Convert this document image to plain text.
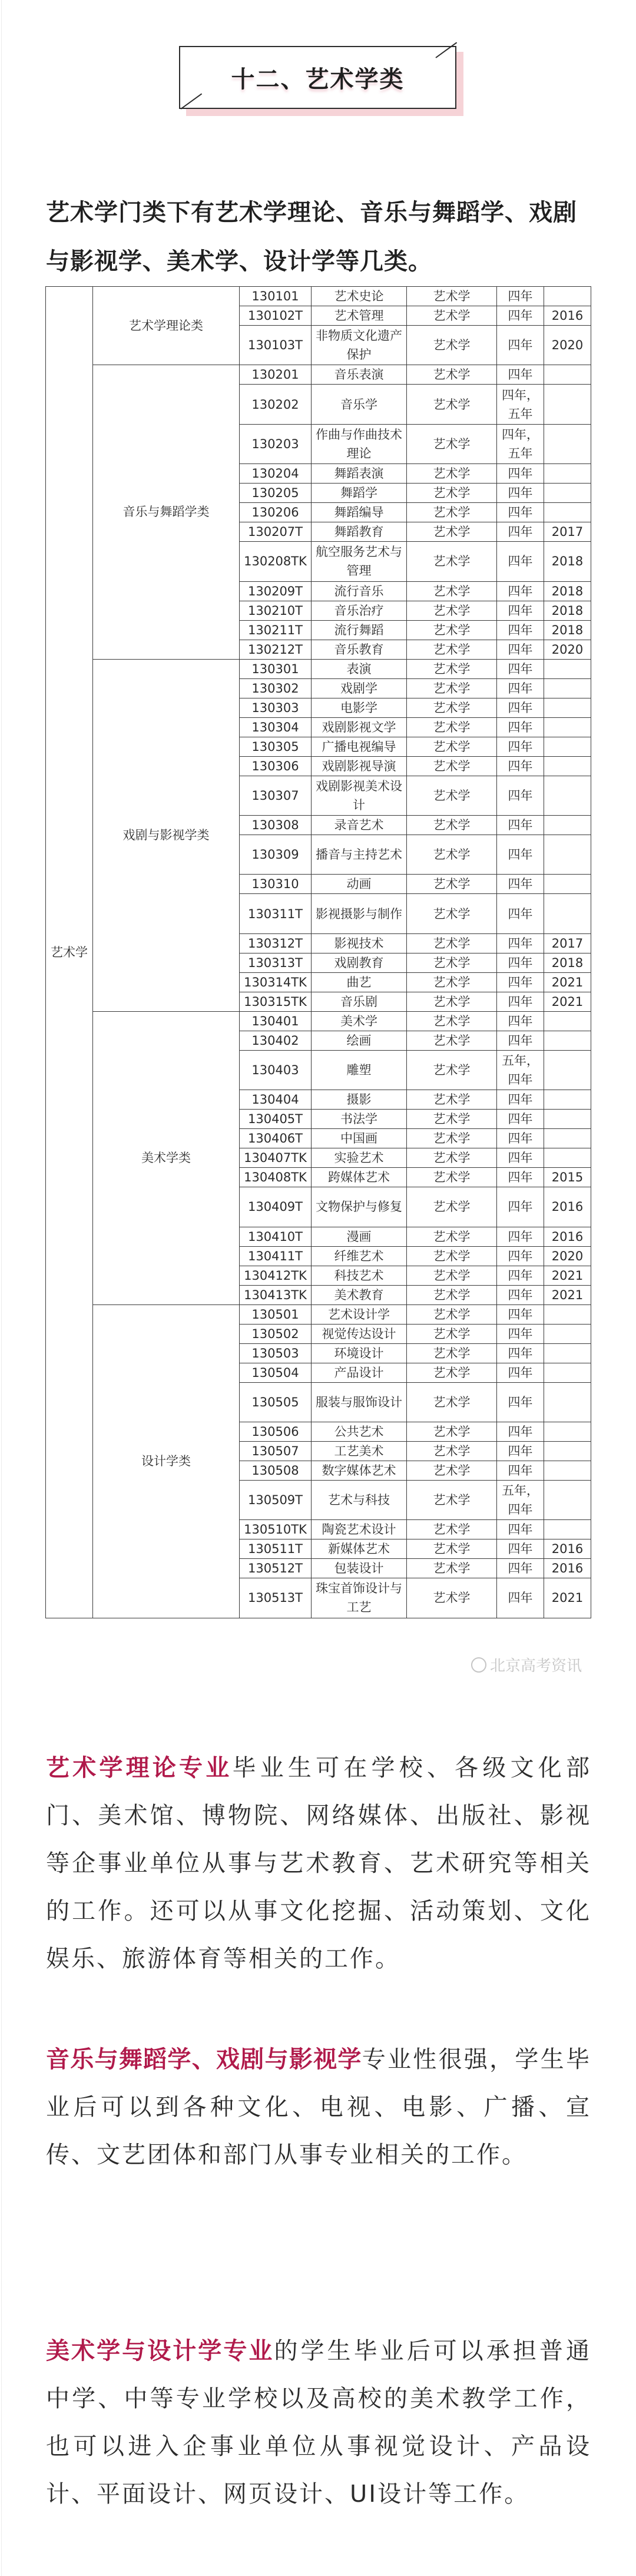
十二、艺术学类
艺术学门类下有艺术学理论、音乐与舞蹈学、戏剧与影视学、美术学、设计学等几类。
艺术学	艺术学理论类	130101	艺术史论	艺术学	四年	
		130102T	艺术管理	艺术学	四年	2016
		130103T	非物质文化遗产保护	艺术学	四年	2020
	音乐与舞蹈学类	130201	音乐表演	艺术学	四年	
		130202	音乐学	艺术学	四年，五年	
		130203	作曲与作曲技术理论	艺术学	四年，五年	
		130204	舞蹈表演	艺术学	四年	
		130205	舞蹈学	艺术学	四年	
		130206	舞蹈编导	艺术学	四年	
		130207T	舞蹈教育	艺术学	四年	2017
		130208TK	航空服务艺术与管理	艺术学	四年	2018
		130209T	流行音乐	艺术学	四年	2018
		130210T	音乐治疗	艺术学	四年	2018
		130211T	流行舞蹈	艺术学	四年	2018
		130212T	音乐教育	艺术学	四年	2020
	戏剧与影视学类	130301	表演	艺术学	四年	
		130302	戏剧学	艺术学	四年	
		130303	电影学	艺术学	四年	
		130304	戏剧影视文学	艺术学	四年	
		130305	广播电视编导	艺术学	四年	
		130306	戏剧影视导演	艺术学	四年	
		130307	戏剧影视美术设计	艺术学	四年	
		130308	录音艺术	艺术学	四年	
		130309	播音与主持艺术	艺术学	四年	
		130310	动画	艺术学	四年	
		130311T	影视摄影与制作	艺术学	四年	
		130312T	影视技术	艺术学	四年	2017
		130313T	戏剧教育	艺术学	四年	2018
		130314TK	曲艺	艺术学	四年	2021
		130315TK	音乐剧	艺术学	四年	2021
	美术学类	130401	美术学	艺术学	四年	
		130402	绘画	艺术学	四年	
		130403	雕塑	艺术学	五年，四年	
		130404	摄影	艺术学	四年	
		130405T	书法学	艺术学	四年	
		130406T	中国画	艺术学	四年	
		130407TK	实验艺术	艺术学	四年	
		130408TK	跨媒体艺术	艺术学	四年	2015
		130409T	文物保护与修复	艺术学	四年	2016
		130410T	漫画	艺术学	四年	2016
		130411T	纤维艺术	艺术学	四年	2020
		130412TK	科技艺术	艺术学	四年	2021
		130413TK	美术教育	艺术学	四年	2021
	设计学类	130501	艺术设计学	艺术学	四年	
		130502	视觉传达设计	艺术学	四年	
		130503	环境设计	艺术学	四年	
		130504	产品设计	艺术学	四年	
		130505	服装与服饰设计	艺术学	四年	
		130506	公共艺术	艺术学	四年	
		130507	工艺美术	艺术学	四年	
		130508	数字媒体艺术	艺术学	四年	
		130509T	艺术与科技	艺术学	五年，四年	
		130510TK	陶瓷艺术设计	艺术学	四年	
		130511T	新媒体艺术	艺术学	四年	2016
		130512T	包装设计	艺术学	四年	2016
		130513T	珠宝首饰设计与工艺	艺术学	四年	2021
北京高考资讯
艺术学理论专业毕业生可在学校、各级文化部门、美术馆、博物院、网络媒体、出版社、影视等企事业单位从事与艺术教育、艺术研究等相关的工作。还可以从事文化挖掘、活动策划、文化娱乐、旅游体育等相关的工作。
音乐与舞蹈学、戏剧与影视学专业性很强，学生毕业后可以到各种文化、电视、电影、广播、宣传、文艺团体和部门从事专业相关的工作。
美术学与设计学专业的学生毕业后可以承担普通中学、中等专业学校以及高校的美术教学工作，也可以进入企事业单位从事视觉设计、产品设计、平面设计、网页设计、UI设计等工作。
